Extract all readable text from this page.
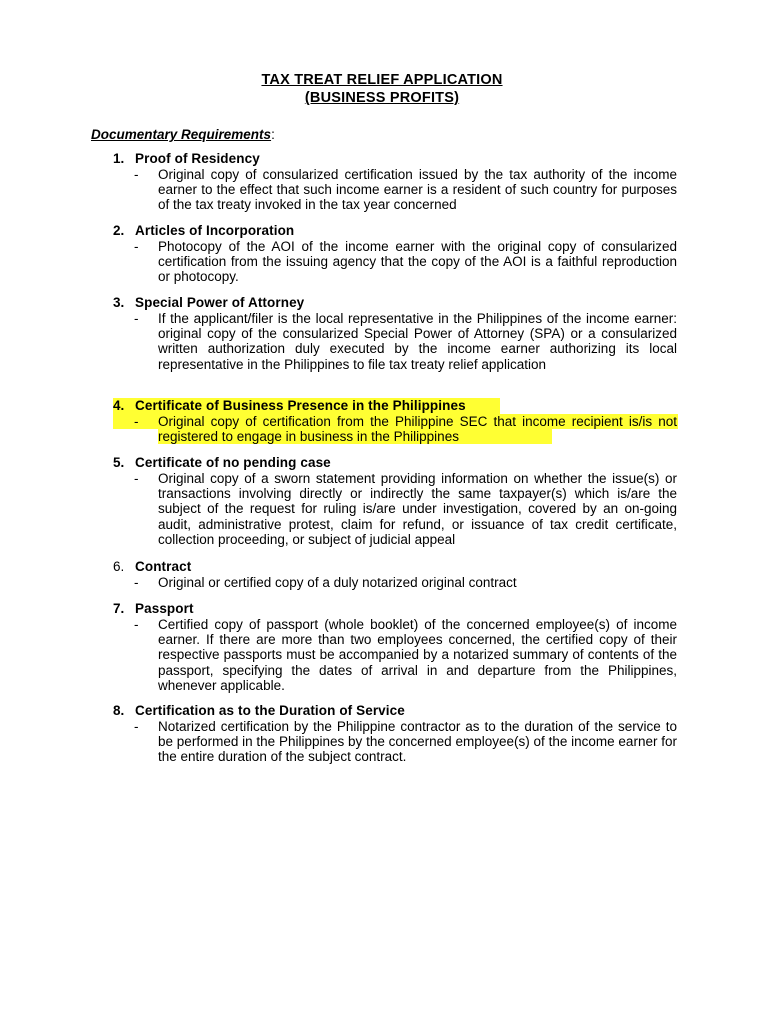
TAX TREAT RELIEF APPLICATION
(BUSINESS PROFITS)
Documentary Requirements:
1. Proof of Residency
- Original copy of consularized certification issued by the tax authority of the income earner to the effect that such income earner is a resident of such country for purposes of the tax treaty invoked in the tax year concerned
2. Articles of Incorporation
- Photocopy of the AOI of the income earner with the original copy of consularized certification from the issuing agency that the copy of the AOI is a faithful reproduction or photocopy.
3. Special Power of Attorney
- If the applicant/filer is the local representative in the Philippines of the income earner: original copy of the consularized Special Power of Attorney (SPA) or a consularized written authorization duly executed by the income earner authorizing its local representative in the Philippines to file tax treaty relief application
4. Certificate of Business Presence in the Philippines
- Original copy of certification from the Philippine SEC that income recipient is/is not registered to engage in business in the Philippines
5. Certificate of no pending case
- Original copy of a sworn statement providing information on whether the issue(s) or transactions involving directly or indirectly the same taxpayer(s) which is/are the subject of the request for ruling is/are under investigation, covered by an on-going audit, administrative protest, claim for refund, or issuance of tax credit certificate, collection proceeding, or subject of judicial appeal
6. Contract
- Original or certified copy of a duly notarized original contract
7. Passport
- Certified copy of passport (whole booklet) of the concerned employee(s) of income earner. If there are more than two employees concerned, the certified copy of their respective passports must be accompanied by a notarized summary of contents of the passport, specifying the dates of arrival in and departure from the Philippines, whenever applicable.
8. Certification as to the Duration of Service
- Notarized certification by the Philippine contractor as to the duration of the service to be performed in the Philippines by the concerned employee(s) of the income earner for the entire duration of the subject contract.
